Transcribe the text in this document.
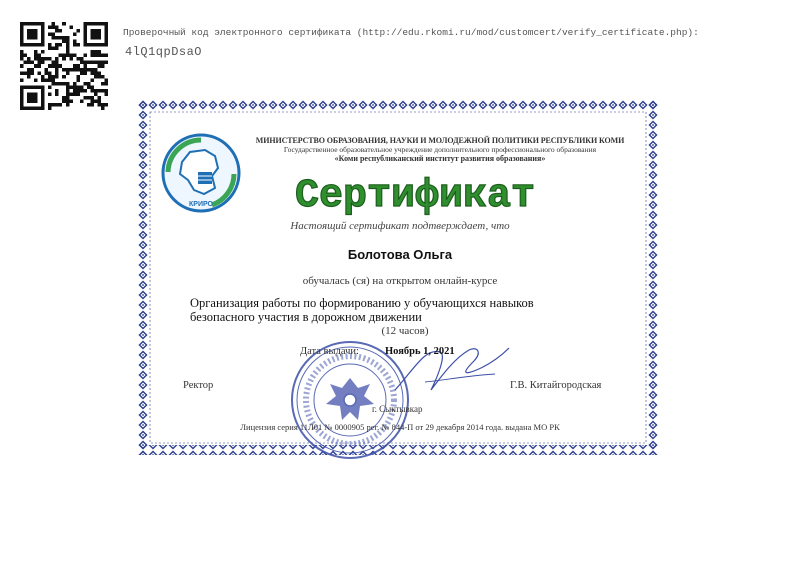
Проверочный код электронного сертификата (http://edu.rkomi.ru/mod/customcert/verify_certificate.php):
4lQ1qpDsaO
КРИРО
МИНИСТЕРСТВО ОБРАЗОВАНИЯ, НАУКИ И МОЛОДЕЖНОЙ ПОЛИТИКИ РЕСПУБЛИКИ КОМИ
Государственное образовательное учреждение дополнительного профессионального образования
«Коми республиканский институт развития образования»
Сертификат
Настоящий сертификат подтверждает, что
Болотова Ольга
обучалась (ся) на открытом онлайн-курсе
Организация работы по формированию у обучающихся навыков
безопасного участия в дорожном движении
(12 часов)
Дата выдачи: Ноябрь 1, 2021
Ректор	Г.В. Китайгородская
г. Сыктывкар
Лицензия серия 11Л01 № 0000905 рег. № 844-П от 29 декабря 2014 года. выдана МО РК
